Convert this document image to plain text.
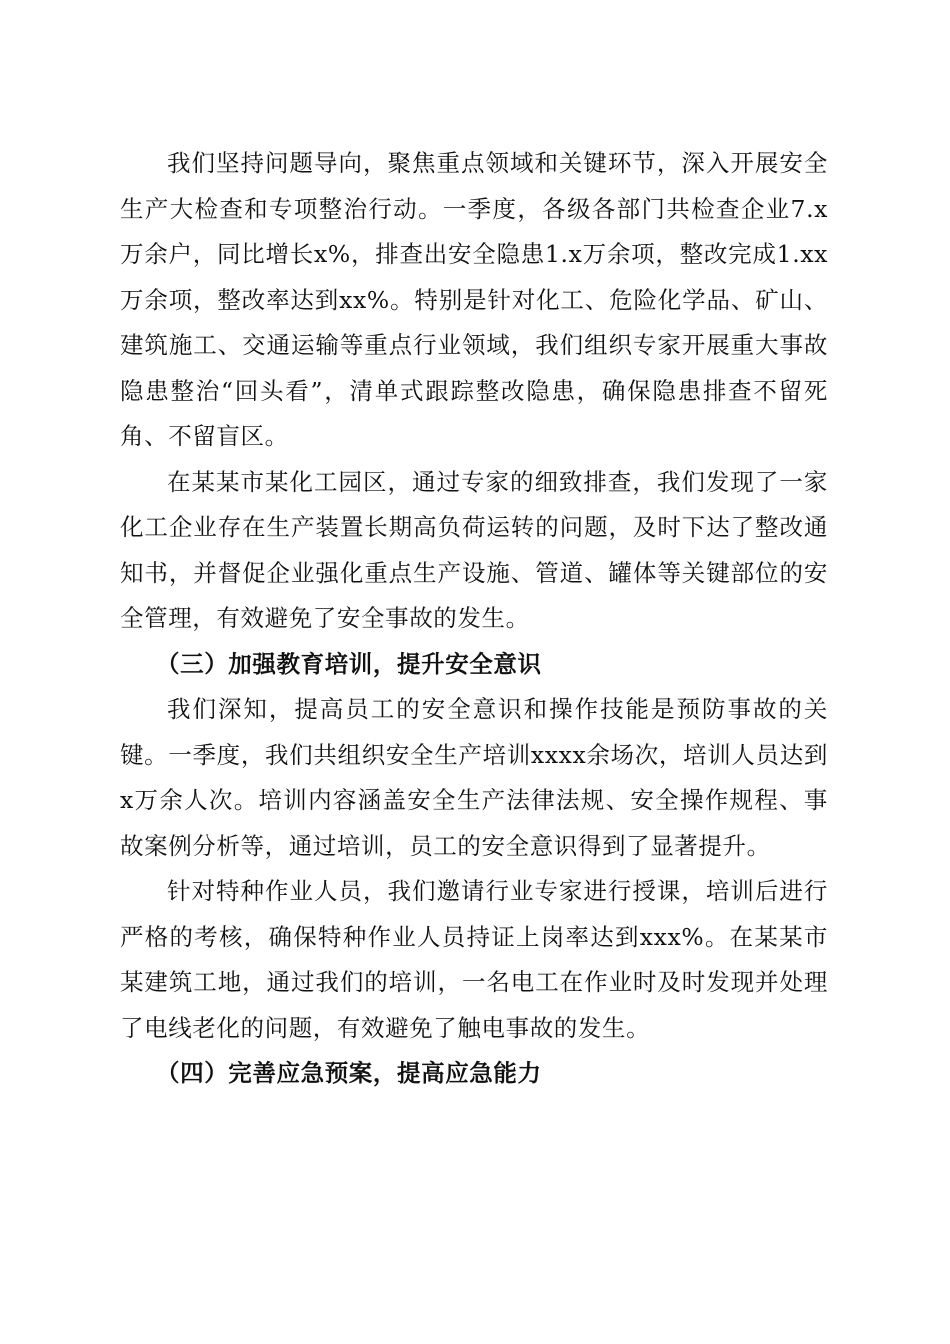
我们坚持问题导向，聚焦重点领域和关键环节，深入开展安全生产大检查和专项整治行动。一季度，各级各部门共检查企业7.x万余户，同比增长x%，排查出安全隐患1.x万余项，整改完成1.xx万余项，整改率达到xx%。特别是针对化工、危险化学品、矿山、建筑施工、交通运输等重点行业领域，我们组织专家开展重大事故隐患整治“回头看”，清单式跟踪整改隐患，确保隐患排查不留死角、不留盲区。

在某某市某化工园区，通过专家的细致排查，我们发现了一家化工企业存在生产装置长期高负荷运转的问题，及时下达了整改通知书，并督促企业强化重点生产设施、管道、罐体等关键部位的安全管理，有效避免了安全事故的发生。

（三）加强教育培训，提升安全意识

我们深知，提高员工的安全意识和操作技能是预防事故的关键。一季度，我们共组织安全生产培训xxxx余场次，培训人员达到x万余人次。培训内容涵盖安全生产法律法规、安全操作规程、事故案例分析等，通过培训，员工的安全意识得到了显著提升。

针对特种作业人员，我们邀请行业专家进行授课，培训后进行严格的考核，确保特种作业人员持证上岗率达到xxx%。在某某市某建筑工地，通过我们的培训，一名电工在作业时及时发现并处理了电线老化的问题，有效避免了触电事故的发生。

（四）完善应急预案，提高应急能力
